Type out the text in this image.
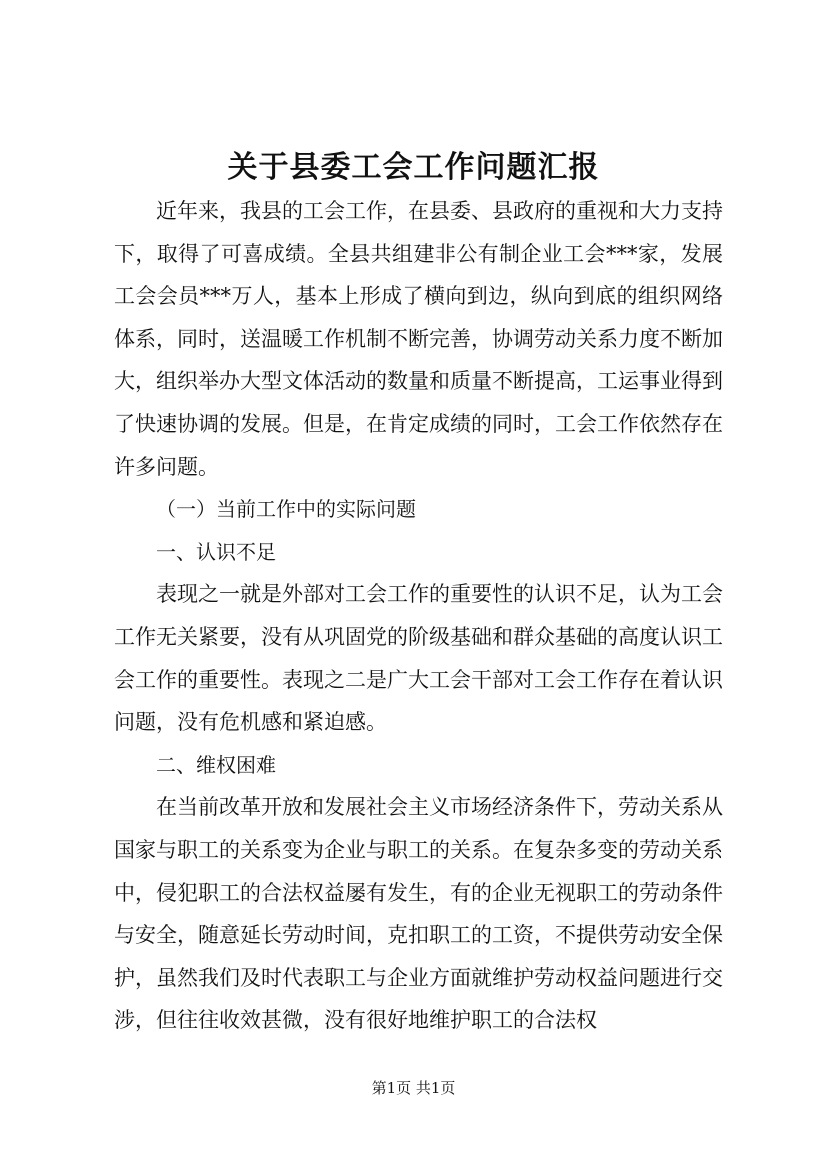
关于县委工会工作问题汇报

近年来，我县的工会工作，在县委、县政府的重视和大力支持下，取得了可喜成绩。全县共组建非公有制企业工会***家，发展工会会员***万人，基本上形成了横向到边，纵向到底的组织网络体系，同时，送温暖工作机制不断完善，协调劳动关系力度不断加大，组织举办大型文体活动的数量和质量不断提高，工运事业得到了快速协调的发展。但是，在肯定成绩的同时，工会工作依然存在许多问题。

（一）当前工作中的实际问题

一、认识不足

表现之一就是外部对工会工作的重要性的认识不足，认为工会工作无关紧要，没有从巩固党的阶级基础和群众基础的高度认识工会工作的重要性。表现之二是广大工会干部对工会工作存在着认识问题，没有危机感和紧迫感。

二、维权困难

在当前改革开放和发展社会主义市场经济条件下，劳动关系从国家与职工的关系变为企业与职工的关系。在复杂多变的劳动关系中，侵犯职工的合法权益屡有发生，有的企业无视职工的劳动条件与安全，随意延长劳动时间，克扣职工的工资，不提供劳动安全保护，虽然我们及时代表职工与企业方面就维护劳动权益问题进行交涉，但往往收效甚微，没有很好地维护职工的合法权

第1页 共1页
